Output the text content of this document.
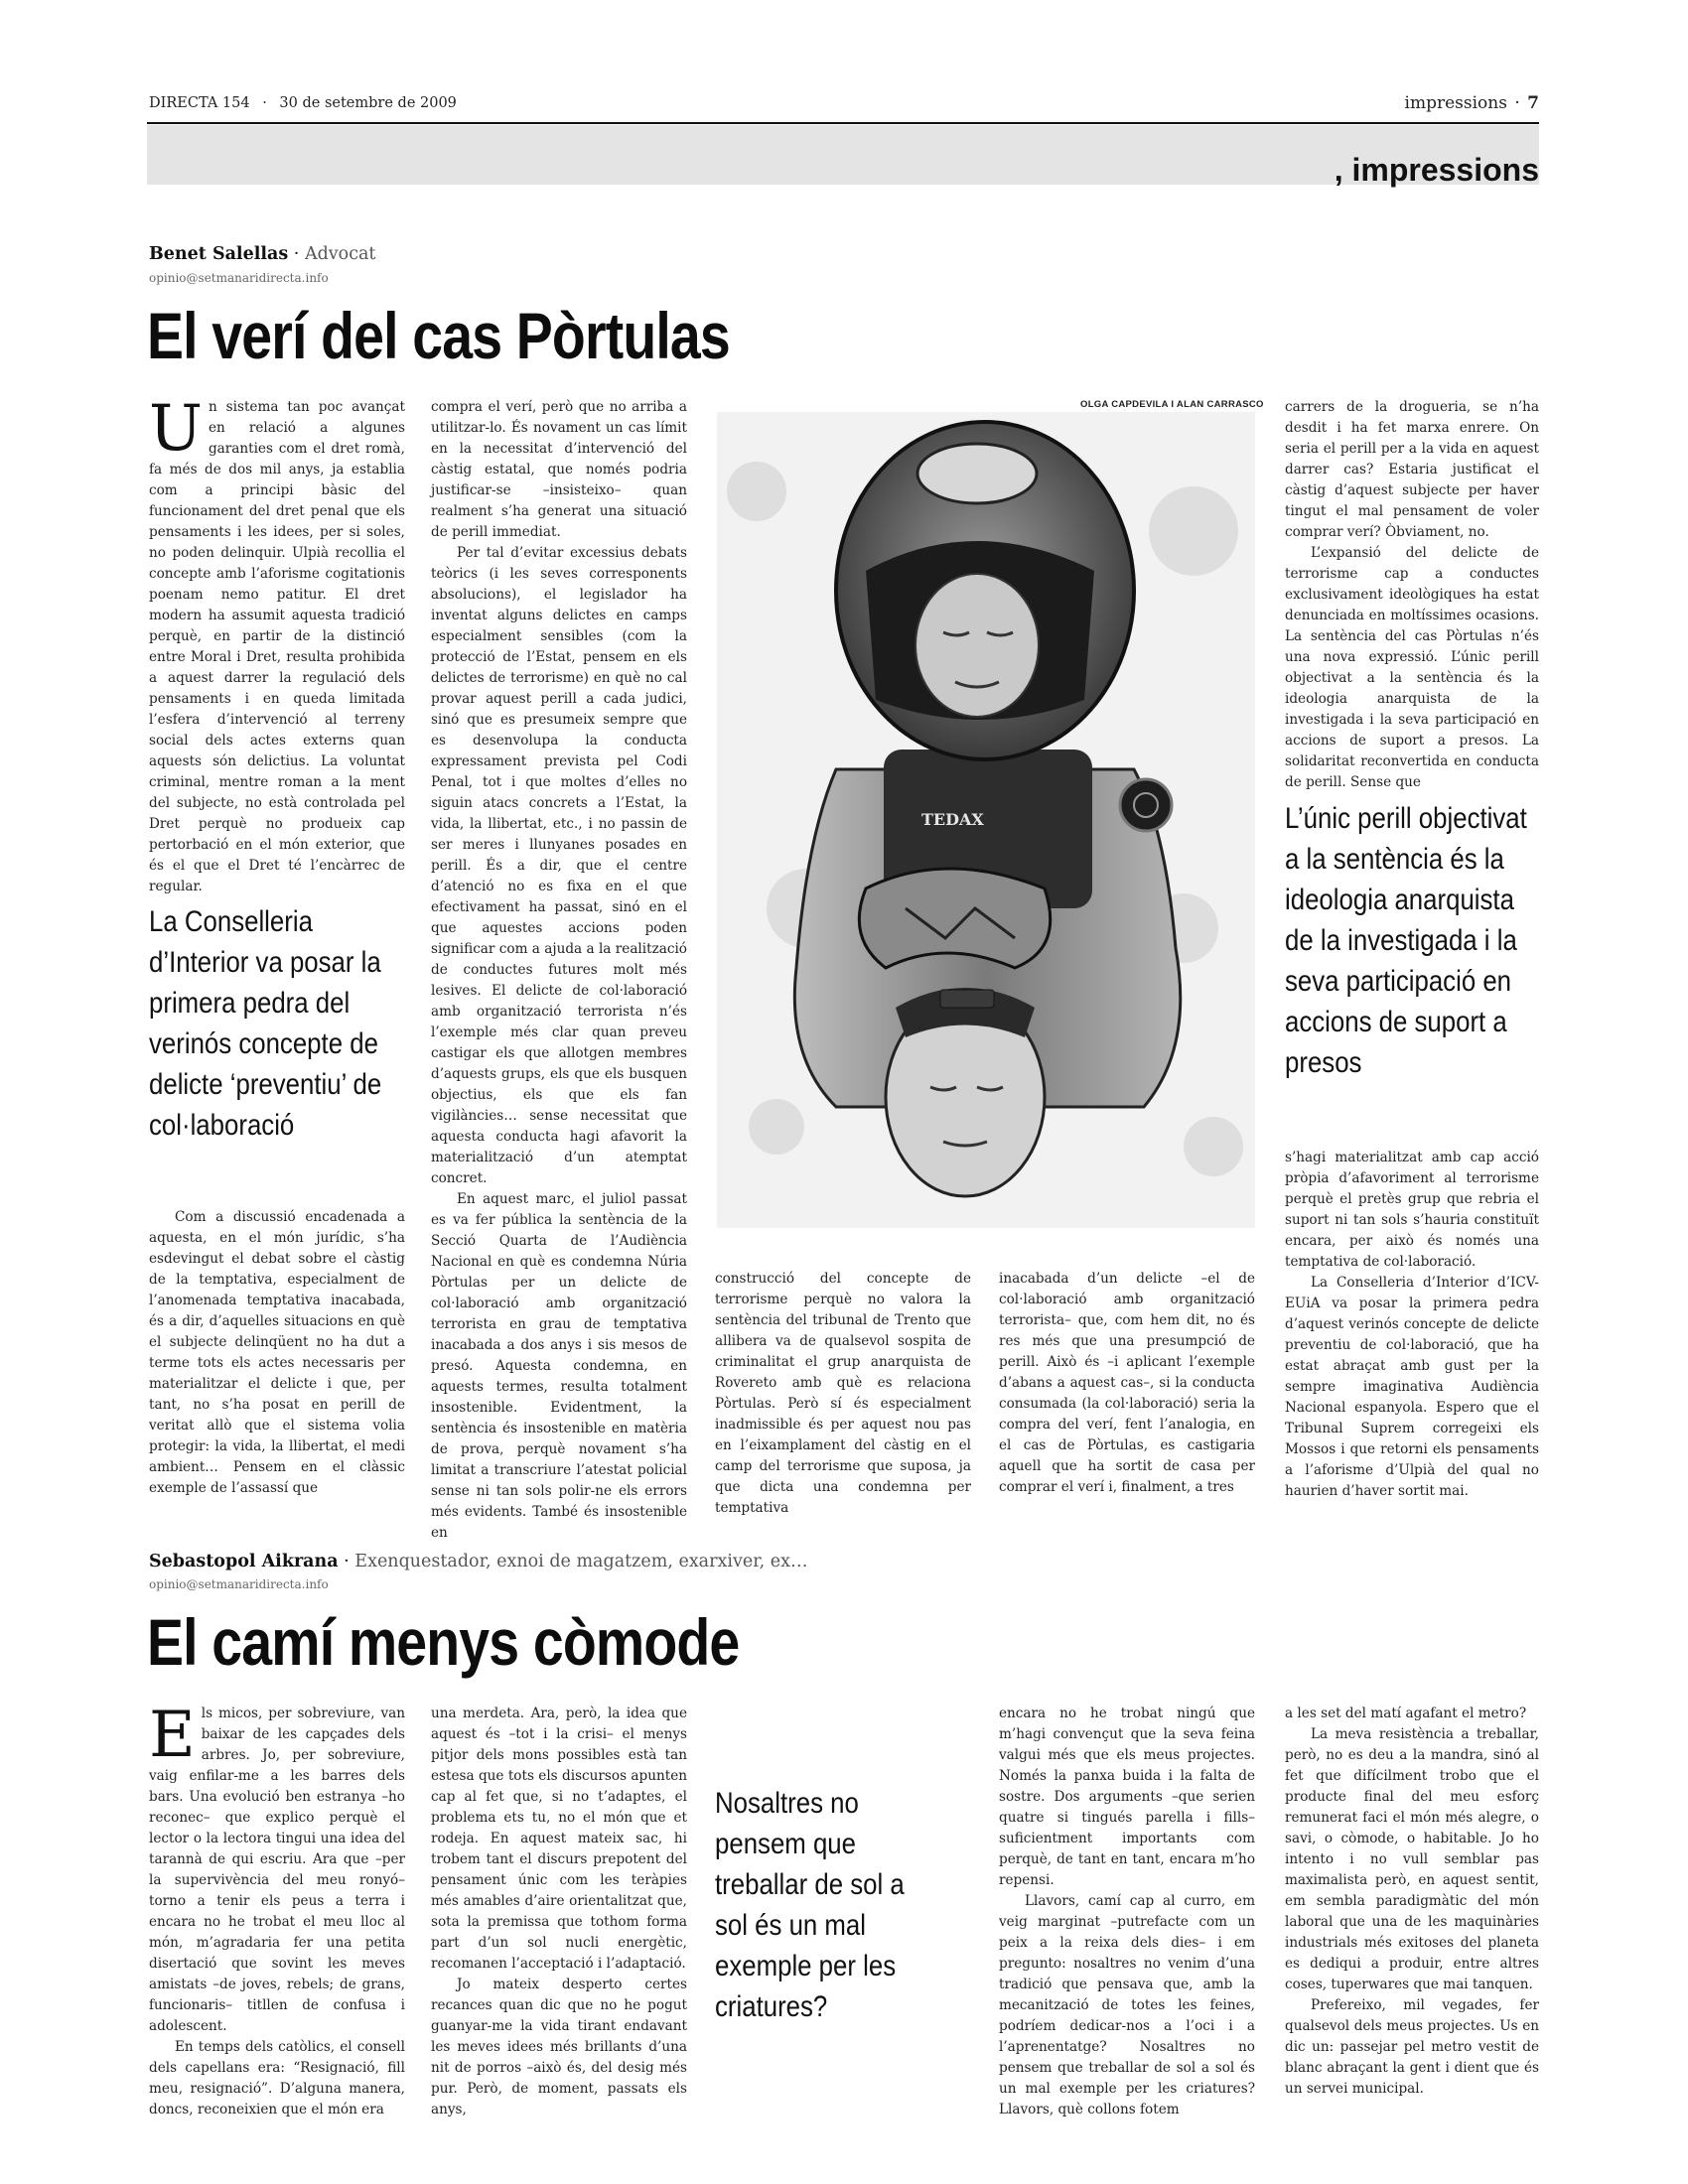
DIRECTA 154 · 30 de setembre de 2009	impressions · 7
, impressions
Benet Salellas · Advocat
opinio@setmanaridirecta.info
El verí del cas Pòrtulas

Un sistema tan poc avançat en relació a algunes garanties com el dret romà, fa més de dos mil anys, ja establia com a principi bàsic del funcionament del dret penal que els pensaments i les idees, per si soles, no poden delinquir. Ulpià recollia el concepte amb l’aforisme cogitationis poenam nemo patitur. El dret modern ha assumit aquesta tradició perquè, en partir de la distinció entre Moral i Dret, resulta prohibida a aquest darrer la regulació dels pensaments i en queda limitada l’esfera d’intervenció al terreny social dels actes externs quan aquests són delictius. La voluntat criminal, mentre roman a la ment del subjecte, no està controlada pel Dret perquè no produeix cap pertorbació en el món exterior, que és el que el Dret té l’encàrrec de regular.

La Conselleria d’Interior va posar la primera pedra del verinós concepte de delicte ‘preventiu’ de col·laboració

Com a discussió encadenada a aquesta, en el món jurídic, s’ha esdevingut el debat sobre el càstig de la temptativa, especialment de l’anomenada temptativa inacabada, és a dir, d’aquelles situacions en què el subjecte delinqüent no ha dut a terme tots els actes necessaris per materialitzar el delicte i que, per tant, no s’ha posat en perill de veritat allò que el sistema volia protegir: la vida, la llibertat, el medi ambient… Pensem en el clàssic exemple de l’assassí que

compra el verí, però que no arriba a utilitzar-lo. És novament un cas límit en la necessitat d’intervenció del càstig estatal, que només podria justificar-se –insisteixo– quan realment s’ha generat una situació de perill immediat.

Per tal d’evitar excessius debats teòrics (i les seves corresponents absolucions), el legislador ha inventat alguns delictes en camps especialment sensibles (com la protecció de l’Estat, pensem en els delictes de terrorisme) en què no cal provar aquest perill a cada judici, sinó que es presumeix sempre que es desenvolupa la conducta expressament prevista pel Codi Penal, tot i que moltes d’elles no siguin atacs concrets a l’Estat, la vida, la llibertat, etc., i no passin de ser meres i llunyanes posades en perill. És a dir, que el centre d’atenció no es fixa en el que efectivament ha passat, sinó en el que aquestes accions poden significar com a ajuda a la realització de conductes futures molt més lesives. El delicte de col·laboració amb organització terrorista n’és l’exemple més clar quan preveu castigar els que allotgen membres d’aquests grups, els que els busquen objectius, els que els fan vigilàncies… sense necessitat que aquesta conducta hagi afavorit la materialització d’un atemptat concret.

En aquest marc, el juliol passat es va fer pública la sentència de la Secció Quarta de l’Audiència Nacional en què es condemna Núria Pòrtulas per un delicte de col·laboració amb organització terrorista en grau de temptativa inacabada a dos anys i sis mesos de presó. Aquesta condemna, en aquests termes, resulta totalment insostenible. Evidentment, la sentència és insostenible en matèria de prova, perquè novament s’ha limitat a transcriure l’atestat policial sense ni tan sols polir-ne els errors més evidents. També és insostenible en

OLGA CAPDEVILA I ALAN CARRASCO
TEDAX

construcció del concepte de terrorisme perquè no valora la sentència del tribunal de Trento que allibera va de qualsevol sospita de criminalitat el grup anarquista de Rovereto amb què es relaciona Pòrtulas. Però sí és especialment inadmissible és per aquest nou pas en l’eixamplament del càstig en el camp del terrorisme que suposa, ja que dicta una condemna per temptativa

inacabada d’un delicte –el de col·laboració amb organització terrorista– que, com hem dit, no és res més que una presumpció de perill. Això és –i aplicant l’exemple d’abans a aquest cas–, si la conducta consumada (la col·laboració) seria la compra del verí, fent l’analogia, en el cas de Pòrtulas, es castigaria aquell que ha sortit de casa per comprar el verí i, finalment, a tres

carrers de la drogueria, se n’ha desdit i ha fet marxa enrere. On seria el perill per a la vida en aquest darrer cas? Estaria justificat el càstig d’aquest subjecte per haver tingut el mal pensament de voler comprar verí? Òbviament, no.

L’expansió del delicte de terrorisme cap a conductes exclusivament ideològiques ha estat denunciada en moltíssimes ocasions. La sentència del cas Pòrtulas n’és una nova expressió. L’únic perill objectivat a la sentència és la ideologia anarquista de la investigada i la seva participació en accions de suport a presos. La solidaritat reconvertida en conducta de perill. Sense que

L’únic perill objectivat a la sentència és la ideologia anarquista de la investigada i la seva participació en accions de suport a presos

s’hagi materialitzat amb cap acció pròpia d’afavoriment al terrorisme perquè el pretès grup que rebria el suport ni tan sols s’hauria constituït encara, per això és només una temptativa de col·laboració.

La Conselleria d’Interior d’ICV-EUiA va posar la primera pedra d’aquest verinós concepte de delicte preventiu de col·laboració, que ha estat abraçat amb gust per la sempre imaginativa Audiència Nacional espanyola. Espero que el Tribunal Suprem corregeixi els Mossos i que retorni els pensaments a l’aforisme d’Ulpià del qual no haurien d’haver sortit mai.

Sebastopol Aikrana · Exenquestador, exnoi de magatzem, exarxiver, ex…
opinio@setmanaridirecta.info
El camí menys còmode

Els micos, per sobreviure, van baixar de les capçades dels arbres. Jo, per sobreviure, vaig enfilar-me a les barres dels bars. Una evolució ben estranya –ho reconec– que explico perquè el lector o la lectora tingui una idea del tarannà de qui escriu. Ara que –per la supervivència del meu ronyó– torno a tenir els peus a terra i encara no he trobat el meu lloc al món, m’agradaria fer una petita disertació que sovint les meves amistats –de joves, rebels; de grans, funcionaris– titllen de confusa i adolescent.

En temps dels catòlics, el consell dels capellans era: “Resignació, fill meu, resignació”. D’alguna manera, doncs, reconeixien que el món era

una merdeta. Ara, però, la idea que aquest és –tot i la crisi– el menys pitjor dels mons possibles està tan estesa que tots els discursos apunten cap al fet que, si no t’adaptes, el problema ets tu, no el món que et rodeja. En aquest mateix sac, hi trobem tant el discurs prepotent del pensament únic com les teràpies més amables d’aire orientalitzat que, sota la premissa que tothom forma part d’un sol nucli energètic, recomanen l’acceptació i l’adaptació.

Jo mateix desperto certes recances quan dic que no he pogut guanyar-me la vida tirant endavant les meves idees més brillants d’una nit de porros –això és, del desig més pur. Però, de moment, passats els anys,

Nosaltres no pensem que treballar de sol a sol és un mal exemple per les criatures?

encara no he trobat ningú que m’hagi convençut que la seva feina valgui més que els meus projectes. Només la panxa buida i la falta de sostre. Dos arguments –que serien quatre si tingués parella i fills– suficientment importants com perquè, de tant en tant, encara m’ho repensi.

Llavors, camí cap al curro, em veig marginat –putrefacte com un peix a la reixa dels dies– i em pregunto: nosaltres no venim d’una tradició que pensava que, amb la mecanització de totes les feines, podríem dedicar-nos a l’oci i a l’aprenentatge? Nosaltres no pensem que treballar de sol a sol és un mal exemple per les criatures? Llavors, què collons fotem

a les set del matí agafant el metro?

La meva resistència a treballar, però, no es deu a la mandra, sinó al fet que difícilment trobo que el producte final del meu esforç remunerat faci el món més alegre, o savi, o còmode, o habitable. Jo ho intento i no vull semblar pas maximalista però, en aquest sentit, em sembla paradigmàtic del món laboral que una de les maquinàries industrials més exitoses del planeta es dediqui a produir, entre altres coses, tuperwares que mai tanquen.

Prefereixo, mil vegades, fer qualsevol dels meus projectes. Us en dic un: passejar pel metro vestit de blanc abraçant la gent i dient que és un servei municipal.
